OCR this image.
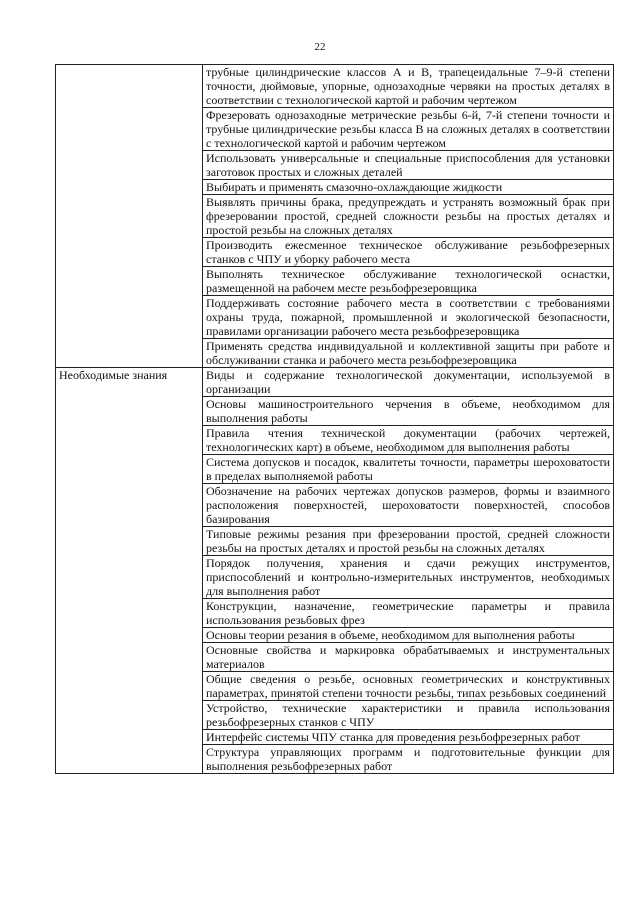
22
	трубные цилиндрические классов А и В, трапецеидальные 7–9-й степени точности, дюймовые, упорные, однозаходные червяки на простых деталях в соответствии с технологической картой и рабочим чертежом
	Фрезеровать однозаходные метрические резьбы 6-й, 7-й степени точности и трубные цилиндрические резьбы класса В на сложных деталях в соответствии с технологической картой и рабочим чертежом
	Использовать универсальные и специальные приспособления для установки заготовок простых и сложных деталей
	Выбирать и применять смазочно-охлаждающие жидкости
	Выявлять причины брака, предупреждать и устранять возможный брак при фрезеровании простой, средней сложности резьбы на простых деталях и простой резьбы на сложных деталях
	Производить ежесменное техническое обслуживание резьбофрезерных станков с ЧПУ и уборку рабочего места
	Выполнять техническое обслуживание технологической оснастки, размещенной на рабочем месте резьбофрезеровщика
	Поддерживать состояние рабочего места в соответствии с требованиями охраны труда, пожарной, промышленной и экологической безопасности, правилами организации рабочего места резьбофрезеровщика
	Применять средства индивидуальной и коллективной защиты при работе и обслуживании станка и рабочего места резьбофрезеровщика
Необходимые знания	Виды и содержание технологической документации, используемой в организации
	Основы машиностроительного черчения в объеме, необходимом для выполнения работы
	Правила чтения технической документации (рабочих чертежей, технологических карт) в объеме, необходимом для выполнения работы
	Система допусков и посадок, квалитеты точности, параметры шероховатости в пределах выполняемой работы
	Обозначение на рабочих чертежах допусков размеров, формы и взаимного расположения поверхностей, шероховатости поверхностей, способов базирования
	Типовые режимы резания при фрезеровании простой, средней сложности резьбы на простых деталях и простой резьбы на сложных деталях
	Порядок получения, хранения и сдачи режущих инструментов, приспособлений и контрольно-измерительных инструментов, необходимых для выполнения работ
	Конструкции, назначение, геометрические параметры и правила использования резьбовых фрез
	Основы теории резания в объеме, необходимом для выполнения работы
	Основные свойства и маркировка обрабатываемых и инструментальных материалов
	Общие сведения о резьбе, основных геометрических и конструктивных параметрах, принятой степени точности резьбы, типах резьбовых соединений
	Устройство, технические характеристики и правила использования резьбофрезерных станков с ЧПУ
	Интерфейс системы ЧПУ станка для проведения резьбофрезерных работ
	Структура управляющих программ и подготовительные функции для выполнения резьбофрезерных работ
